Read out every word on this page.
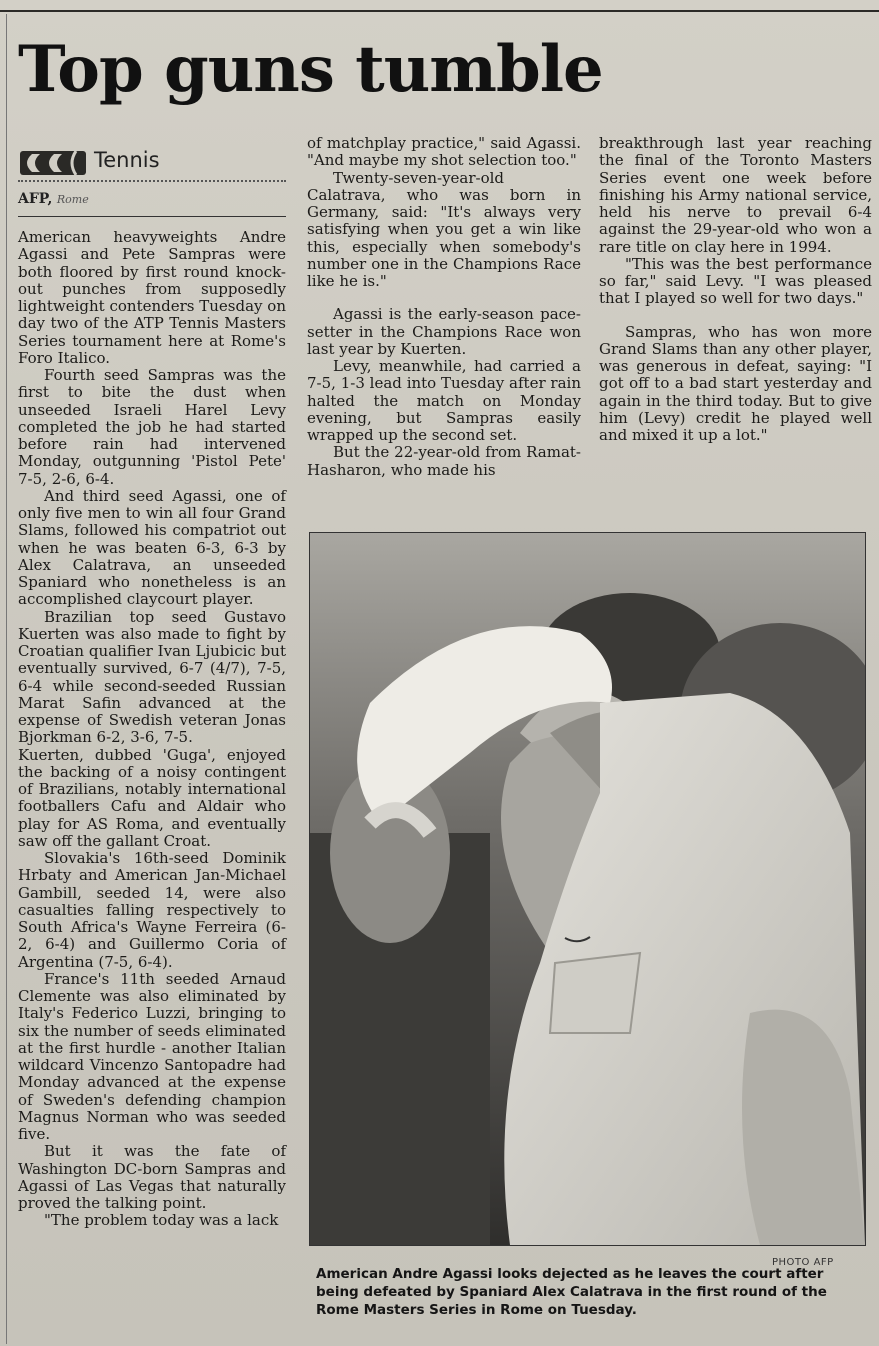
Top guns tumble
Tennis
AFP, Rome

American heavyweights Andre Agassi and Pete Sampras were both floored by first round knock-out punches from supposedly lightweight contenders Tuesday on day two of the ATP Tennis Masters Series tournament here at Rome's Foro Italico.

Fourth seed Sampras was the first to bite the dust when unseeded Israeli Harel Levy completed the job he had started before rain had intervened Monday, outgunning 'Pistol Pete' 7-5, 2-6, 6-4.

And third seed Agassi, one of only five men to win all four Grand Slams, followed his compatriot out when he was beaten 6-3, 6-3 by Alex Calatrava, an unseeded Spaniard who nonetheless is an accomplished claycourt player.

Brazilian top seed Gustavo Kuerten was also made to fight by Croatian qualifier Ivan Ljubicic but eventually survived, 6-7 (4/7), 7-5, 6-4 while second-seeded Russian Marat Safin advanced at the expense of Swedish veteran Jonas Bjorkman 6-2, 3-6, 7-5.

Kuerten, dubbed 'Guga', enjoyed the backing of a noisy contingent of Brazilians, notably international footballers Cafu and Aldair who play for AS Roma, and eventually saw off the gallant Croat.

Slovakia's 16th-seed Dominik Hrbaty and American Jan-Michael Gambill, seeded 14, were also casualties falling respectively to South Africa's Wayne Ferreira (6-2, 6-4) and Guillermo Coria of Argentina (7-5, 6-4).

France's 11th seeded Arnaud Clemente was also eliminated by Italy's Federico Luzzi, bringing to six the number of seeds eliminated at the first hurdle - another Italian wildcard Vincenzo Santopadre had Monday advanced at the expense of Sweden's defending champion Magnus Norman who was seeded five.

But it was the fate of Washington DC-born Sampras and Agassi of Las Vegas that naturally proved the talking point.

"The problem today was a lack

of matchplay practice," said Agassi. "And maybe my shot selection too."

Twenty-seven-year-old Calatrava, who was born in Germany, said: "It's always very satisfying when you get a win like this, especially when somebody's number one in the Champions Race like he is."

Agassi is the early-season pace-setter in the Champions Race won last year by Kuerten.

Levy, meanwhile, had carried a 7-5, 1-3 lead into Tuesday after rain halted the match on Monday evening, but Sampras easily wrapped up the second set.

But the 22-year-old from Ramat-Hasharon, who made his

breakthrough last year reaching the final of the Toronto Masters Series event one week before finishing his Army national service, held his nerve to prevail 6-4 against the 29-year-old who won a rare title on clay here in 1994.

"This was the best performance so far," said Levy. "I was pleased that I played so well for two days."

Sampras, who has won more Grand Slams than any other player, was generous in defeat, saying: "I got off to a bad start yesterday and again in the third today. But to give him (Levy) credit he played well and mixed it up a lot."

PHOTO AFP
American Andre Agassi looks dejected as he leaves the court after being defeated by Spaniard Alex Calatrava in the first round of the Rome Masters Series in Rome on Tuesday.
